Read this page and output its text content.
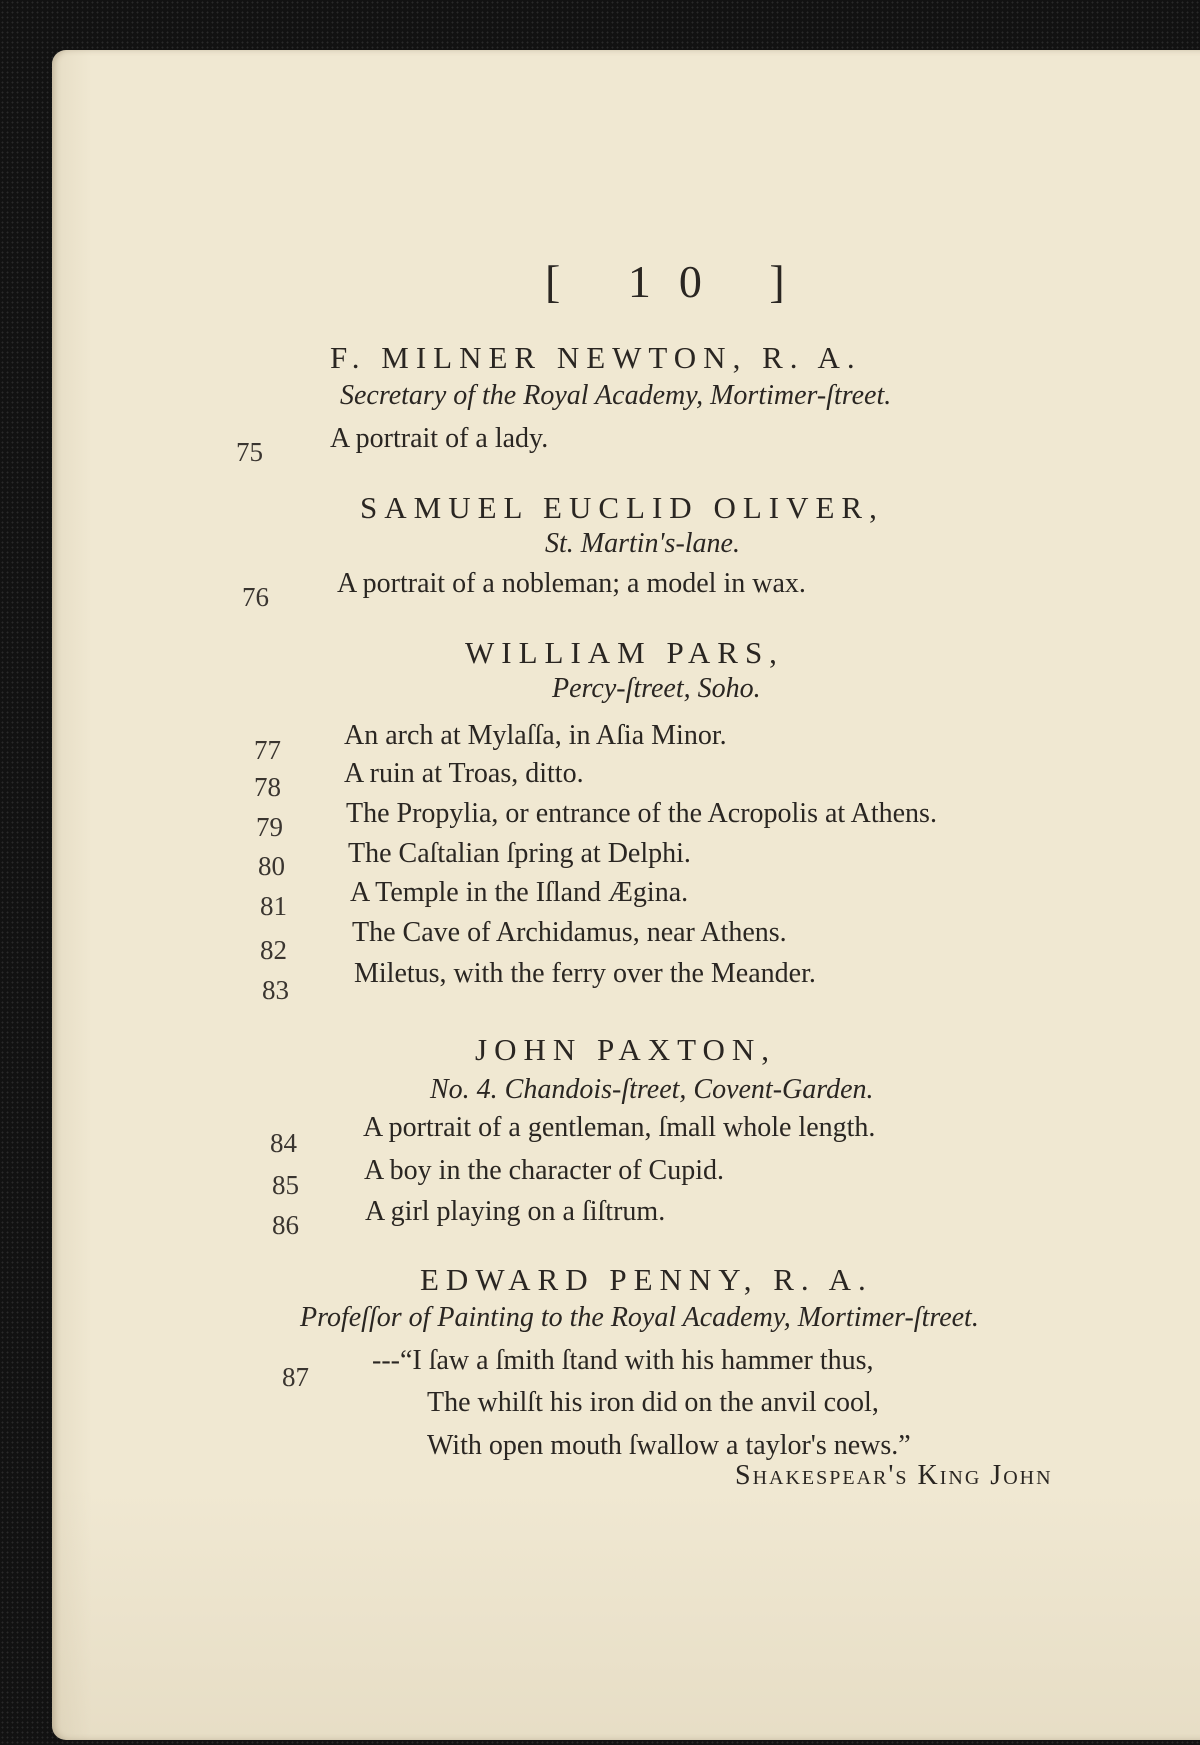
[ 10 ]
F. MILNER NEWTON, R. A.
Secretary of the Royal Academy, Mortimer-ſtreet.
75 A portrait of a lady.
SAMUEL EUCLID OLIVER,
St. Martin's-lane.
76 A portrait of a nobleman; a model in wax.
WILLIAM PARS,
Percy-ſtreet, Soho.
77 An arch at Mylaſſa, in Aſia Minor.
78 A ruin at Troas, ditto.
79 The Propylia, or entrance of the Acropolis at Athens.
80 The Caſtalian ſpring at Delphi.
81 A Temple in the Iſland Ægina.
82
The Cave of Archidamus, near Athens.
83
Miletus, with the ferry over the Meander.
JOHN PAXTON,
No. 4. Chandois-ſtreet, Covent-Garden.
84 A portrait of a gentleman, ſmall whole length.
85 A boy in the character of Cupid.
86 A girl playing on a ſiſtrum.
EDWARD PENNY, R. A.
Profeſſor of Painting to the Royal Academy, Mortimer-ſtreet.
87
---“I ſaw a ſmith ſtand with his hammer thus,
The whilſt his iron did on the anvil cool,
With open mouth ſwallow a taylor's news.”
Shakespear's King John
